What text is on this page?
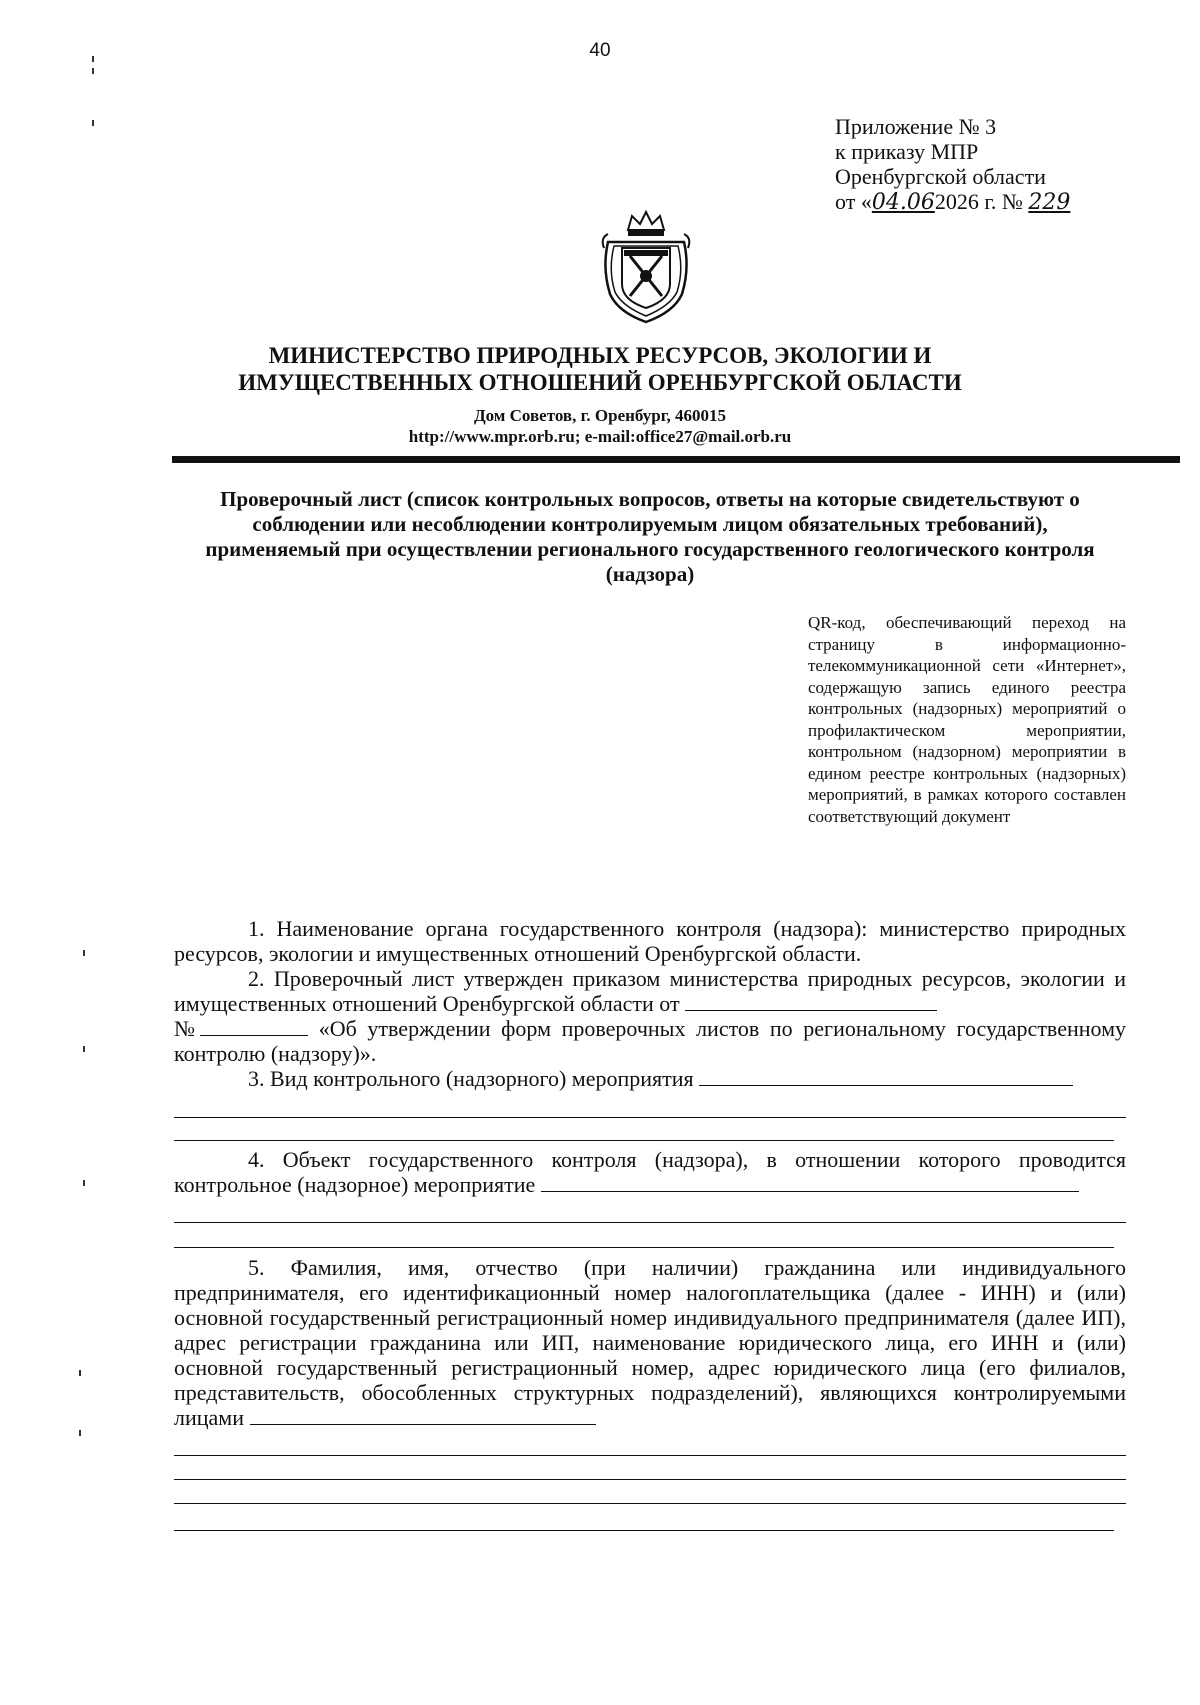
40
Приложение № 3
к приказу МПР
Оренбургской области
от «04.062026 г. № 229
МИНИСТЕРСТВО ПРИРОДНЫХ РЕСУРСОВ, ЭКОЛОГИИ И
ИМУЩЕСТВЕННЫХ ОТНОШЕНИЙ ОРЕНБУРГСКОЙ ОБЛАСТИ
Дом Советов, г. Оренбург, 460015
http://www.mpr.orb.ru; e-mail:office27@mail.orb.ru
Проверочный лист (список контрольных вопросов, ответы на которые свидетельствуют о соблюдении или несоблюдении контролируемым лицом обязательных требований), применяемый при осуществлении регионального государственного геологического контроля (надзора)
QR-код, обеспечивающий переход на страницу в информационно-телекоммуникационной сети «Интернет», содержащую запись единого реестра контрольных (надзорных) мероприятий о профилактическом мероприятии, контрольном (надзорном) мероприятии в едином реестре контрольных (надзорных) мероприятий, в рамках которого составлен соответствующий документ

1. Наименование органа государственного контроля (надзора): министерство природных ресурсов, экологии и имущественных отношений Оренбургской области.

2. Проверочный лист утвержден приказом министерства природных ресурсов, экологии и имущественных отношений Оренбургской области от

№	«Об утверждении форм проверочных листов по региональному государственному контролю (надзору)».

3. Вид контрольного (надзорного) мероприятия

4. Объект государственного контроля (надзора), в отношении которого проводится контрольное (надзорное) мероприятие

5. Фамилия, имя, отчество (при наличии) гражданина или индивидуального предпринимателя, его идентификационный номер налогоплательщика (далее - ИНН) и (или) основной государственный регистрационный номер индивидуального предпринимателя (далее ИП), адрес регистрации гражданина или ИП, наименование юридического лица, его ИНН и (или) основной государственный регистрационный номер, адрес юридического лица (его филиалов, представительств, обособленных структурных подразделений), являющихся контролируемыми лицами
